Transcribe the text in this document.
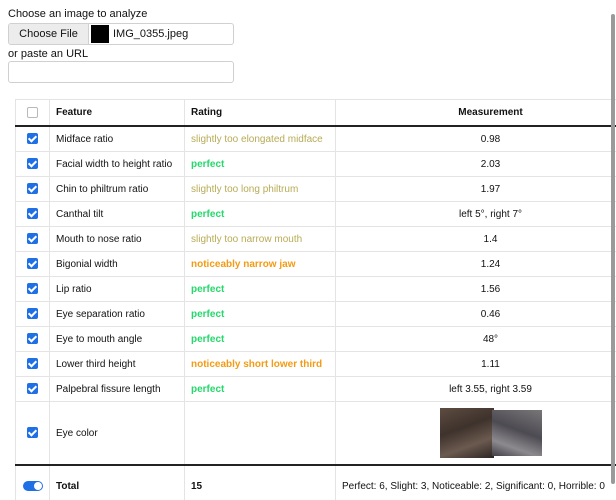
Choose an image to analyze
Choose File	IMG_0355.jpeg
or paste an URL
	Feature	Rating	Measurement
	Midface ratio	slightly too elongated midface	0.98
	Facial width to height ratio	perfect	2.03
	Chin to philtrum ratio	slightly too long philtrum	1.97
	Canthal tilt	perfect	left 5°, right 7°
	Mouth to nose ratio	slightly too narrow mouth	1.4
	Bigonial width	noticeably narrow jaw	1.24
	Lip ratio	perfect	1.56
	Eye separation ratio	perfect	0.46
	Eye to mouth angle	perfect	48°
	Lower third height	noticeably short lower third	1.11
	Palpebral fissure length	perfect	left 3.55, right 3.59
	Eye color		
	Total	15	Perfect: 6, Slight: 3, Noticeable: 2, Significant: 0, Horrible: 0
